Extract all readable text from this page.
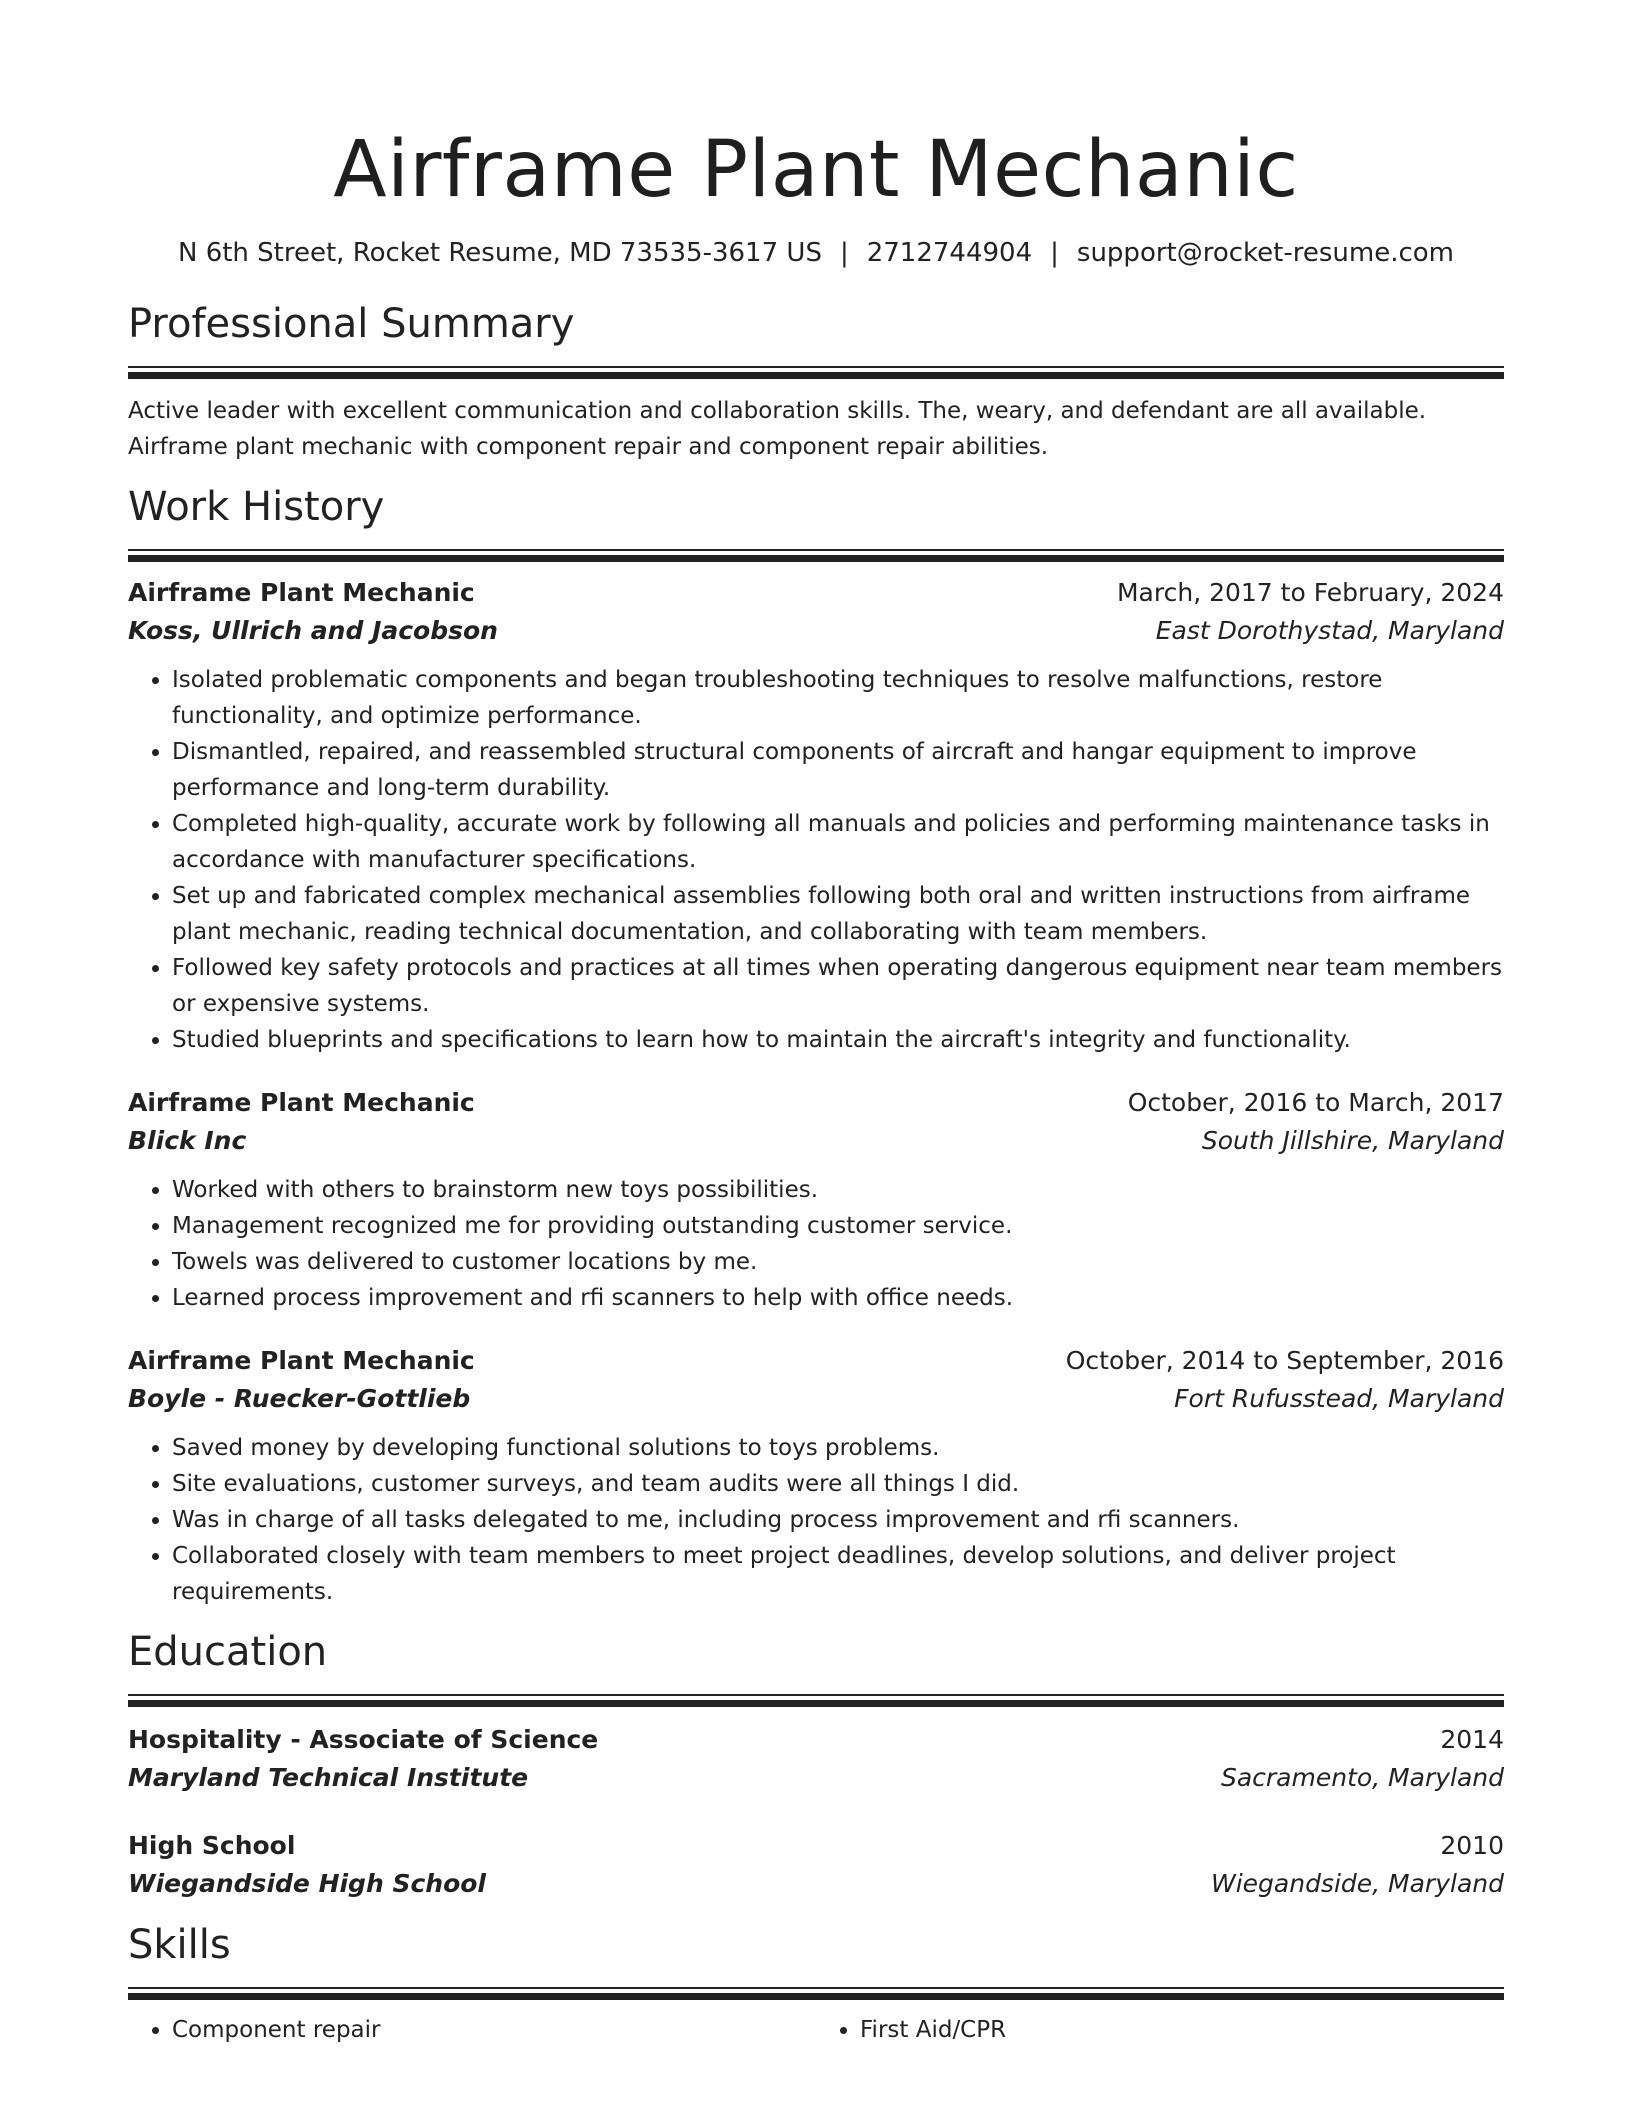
Airframe Plant Mechanic
N 6th Street, Rocket Resume, MD 73535-3617 US | 2712744904 | support@rocket-resume.com
Professional Summary
Active leader with excellent communication and collaboration skills. The, weary, and defendant are all available. Airframe plant mechanic with component repair and component repair abilities.
Work History
Airframe Plant Mechanic	March, 2017 to February, 2024
Koss, Ullrich and Jacobson	East Dorothystad, Maryland
• Isolated problematic components and began troubleshooting techniques to resolve malfunctions, restore functionality, and optimize performance.
• Dismantled, repaired, and reassembled structural components of aircraft and hangar equipment to improve performance and long-term durability.
• Completed high-quality, accurate work by following all manuals and policies and performing maintenance tasks in accordance with manufacturer specifications.
• Set up and fabricated complex mechanical assemblies following both oral and written instructions from airframe plant mechanic, reading technical documentation, and collaborating with team members.
• Followed key safety protocols and practices at all times when operating dangerous equipment near team members or expensive systems.
• Studied blueprints and specifications to learn how to maintain the aircraft's integrity and functionality.
Airframe Plant Mechanic	October, 2016 to March, 2017
Blick Inc	South Jillshire, Maryland
• Worked with others to brainstorm new toys possibilities.
• Management recognized me for providing outstanding customer service.
• Towels was delivered to customer locations by me.
• Learned process improvement and rfi scanners to help with office needs.
Airframe Plant Mechanic	October, 2014 to September, 2016
Boyle - Ruecker-Gottlieb	Fort Rufusstead, Maryland
• Saved money by developing functional solutions to toys problems.
• Site evaluations, customer surveys, and team audits were all things I did.
• Was in charge of all tasks delegated to me, including process improvement and rfi scanners.
• Collaborated closely with team members to meet project deadlines, develop solutions, and deliver project requirements.
Education
Hospitality - Associate of Science	2014
Maryland Technical Institute	Sacramento, Maryland
High School	2010
Wiegandside High School	Wiegandside, Maryland
Skills
• Component repair
•	First Aid/CPR
